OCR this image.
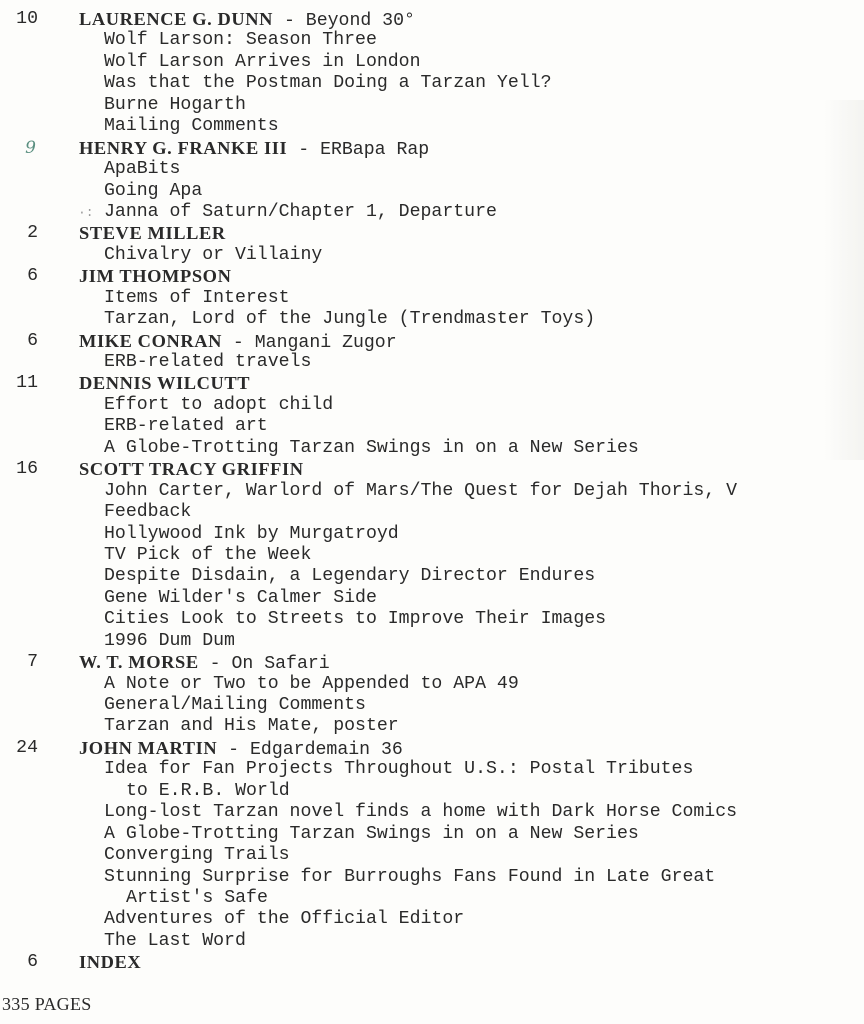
·:
10 LAURENCE G. DUNN - Beyond 30°
Wolf Larson: Season Three
Wolf Larson Arrives in London
Was that the Postman Doing a Tarzan Yell?
Burne Hogarth
Mailing Comments
9 HENRY G. FRANKE III - ERBapa Rap
ApaBits
Going Apa
Janna of Saturn/Chapter 1, Departure
2 STEVE MILLER
Chivalry or Villainy
6 JIM THOMPSON
Items of Interest
Tarzan, Lord of the Jungle (Trendmaster Toys)
6 MIKE CONRAN - Mangani Zugor
ERB-related travels
11 DENNIS WILCUTT
Effort to adopt child
ERB-related art
A Globe-Trotting Tarzan Swings in on a New Series
16 SCOTT TRACY GRIFFIN
John Carter, Warlord of Mars/The Quest for Dejah Thoris, V
Feedback
Hollywood Ink by Murgatroyd
TV Pick of the Week
Despite Disdain, a Legendary Director Endures
Gene Wilder's Calmer Side
Cities Look to Streets to Improve Their Images
1996 Dum Dum
7 W. T. MORSE - On Safari
A Note or Two to be Appended to APA 49
General/Mailing Comments
Tarzan and His Mate, poster
24 JOHN MARTIN - Edgardemain 36
Idea for Fan Projects Throughout U.S.: Postal Tributes
to E.R.B. World
Long-lost Tarzan novel finds a home with Dark Horse Comics
A Globe-Trotting Tarzan Swings in on a New Series
Converging Trails
Stunning Surprise for Burroughs Fans Found in Late Great
Artist's Safe
Adventures of the Official Editor
The Last Word
6 INDEX
335 PAGES
